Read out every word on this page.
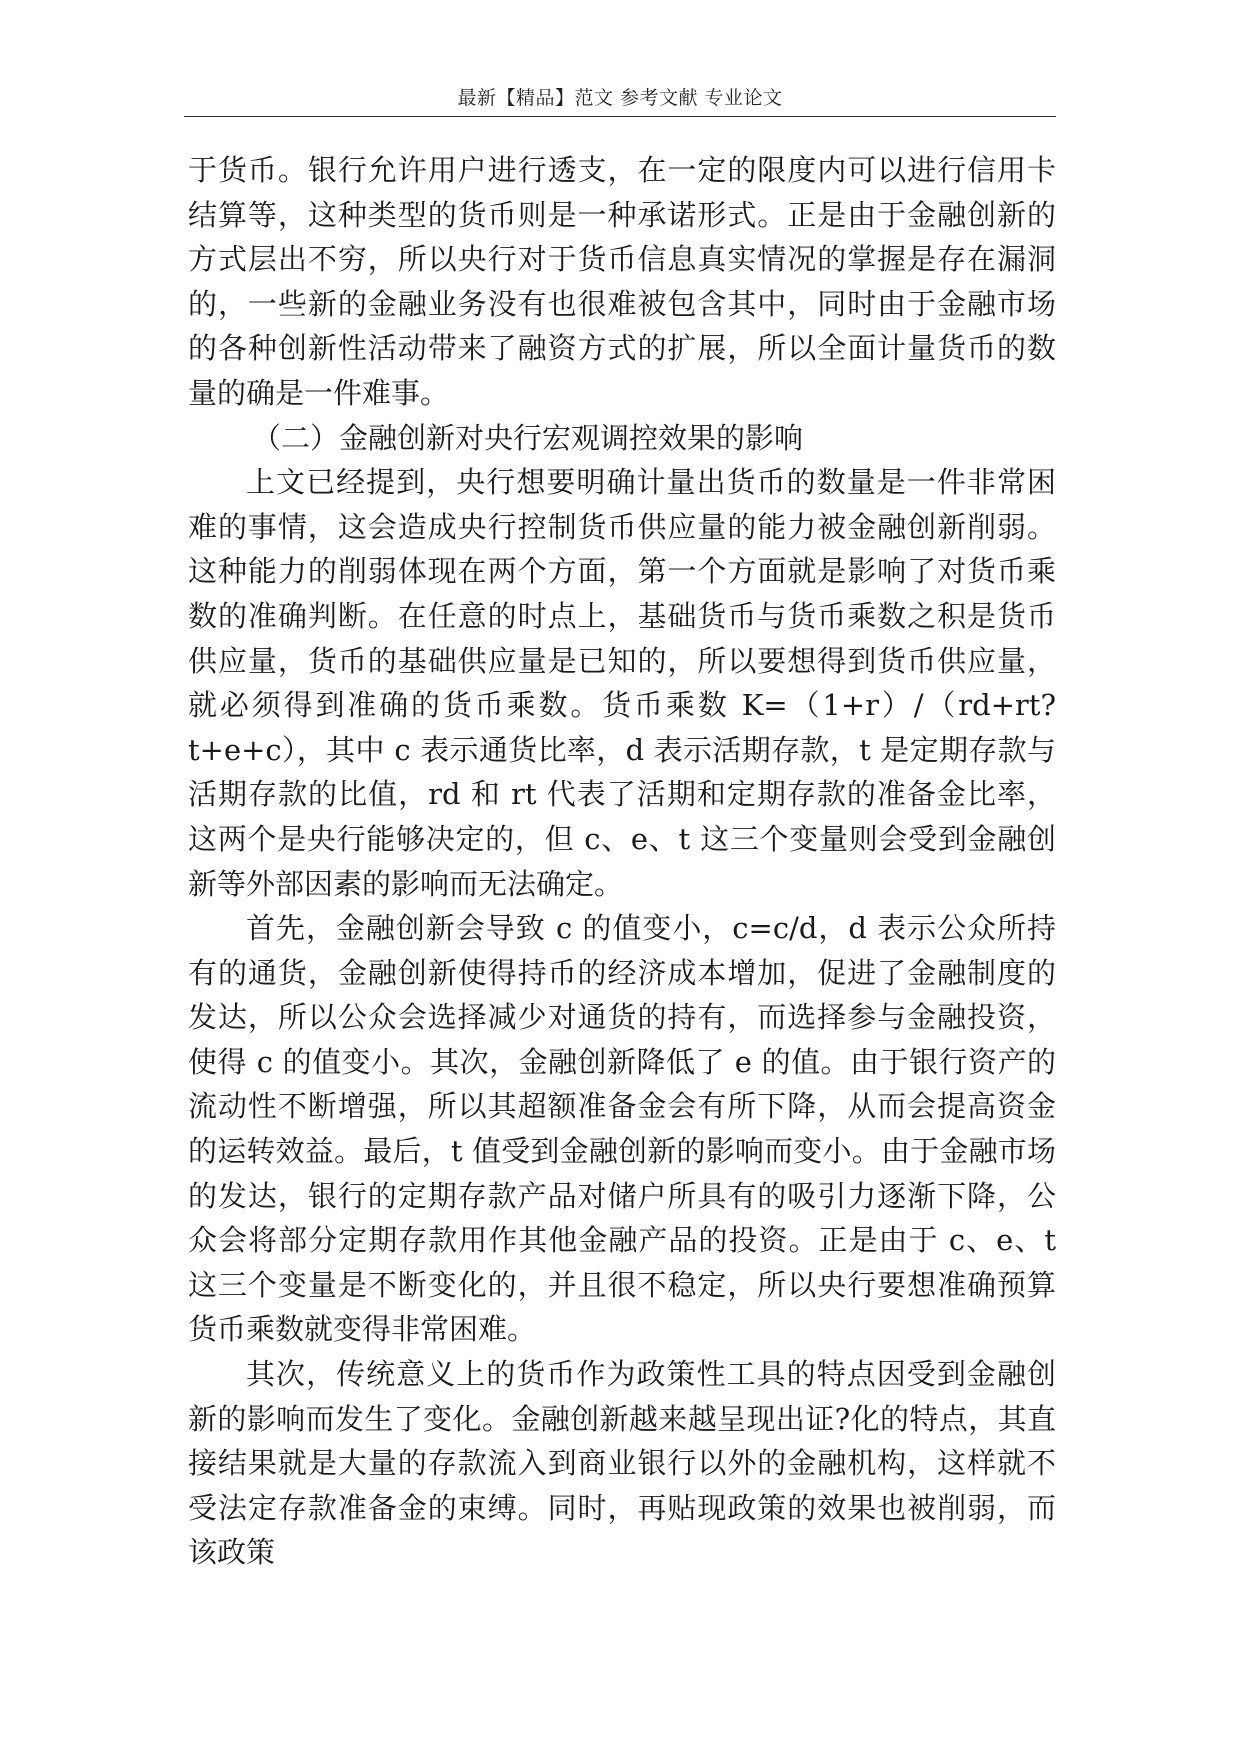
最新【精品】范文 参考文献 专业论文

于货币。银行允许用户进行透支，在一定的限度内可以进行信用卡结算等，这种类型的货币则是一种承诺形式。正是由于金融创新的方式层出不穷，所以央行对于货币信息真实情况的掌握是存在漏洞的，一些新的金融业务没有也很难被包含其中，同时由于金融市场的各种创新性活动带来了融资方式的扩展，所以全面计量货币的数量的确是一件难事。

（二）金融创新对央行宏观调控效果的影响

上文已经提到，央行想要明确计量出货币的数量是一件非常困难的事情，这会造成央行控制货币供应量的能力被金融创新削弱。这种能力的削弱体现在两个方面，第一个方面就是影响了对货币乘数的准确判断。在任意的时点上，基础货币与货币乘数之积是货币供应量，货币的基础供应量是已知的，所以要想得到货币供应量，就必须得到准确的货币乘数。货币乘数 K=（1+r）/（rd+rt?t+e+c），其中 c 表示通货比率，d 表示活期存款，t 是定期存款与活期存款的比值，rd 和 rt 代表了活期和定期存款的准备金比率，这两个是央行能够决定的，但 c、e、t 这三个变量则会受到金融创新等外部因素的影响而无法确定。

首先，金融创新会导致 c 的值变小，c=c/d，d 表示公众所持有的通货，金融创新使得持币的经济成本增加，促进了金融制度的发达，所以公众会选择减少对通货的持有，而选择参与金融投资，使得 c 的值变小。其次，金融创新降低了 e 的值。由于银行资产的流动性不断增强，所以其超额准备金会有所下降，从而会提高资金的运转效益。最后，t 值受到金融创新的影响而变小。由于金融市场的发达，银行的定期存款产品对储户所具有的吸引力逐渐下降，公众会将部分定期存款用作其他金融产品的投资。正是由于 c、e、t 这三个变量是不断变化的，并且很不稳定，所以央行要想准确预算货币乘数就变得非常困难。

其次，传统意义上的货币作为政策性工具的特点因受到金融创新的影响而发生了变化。金融创新越来越呈现出证?化的特点，其直接结果就是大量的存款流入到商业银行以外的金融机构，这样就不受法定存款准备金的束缚。同时，再贴现政策的效果也被削弱，而该政策
